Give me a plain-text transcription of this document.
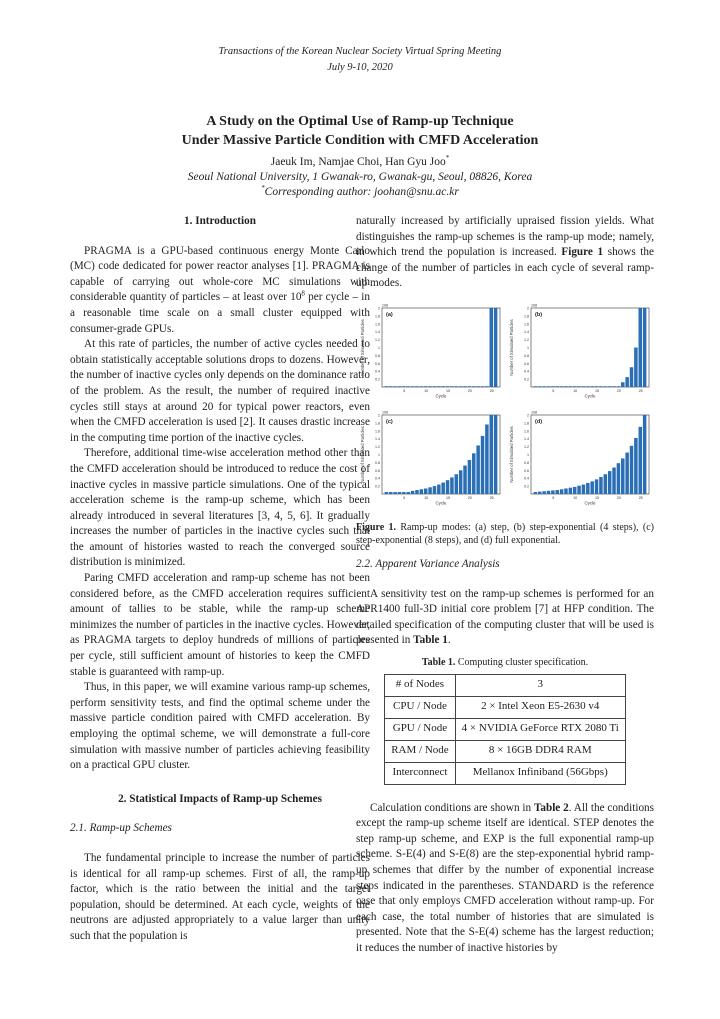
Transactions of the Korean Nuclear Society Virtual Spring Meeting
July 9-10, 2020
A Study on the Optimal Use of Ramp-up Technique
Under Massive Particle Condition with CMFD Acceleration
Jaeuk Im, Namjae Choi, Han Gyu Joo*
Seoul National University, 1 Gwanak-ro, Gwanak-gu, Seoul, 08826, Korea
*Corresponding author: joohan@snu.ac.kr
1. Introduction

PRAGMA is a GPU-based continuous energy Monte Carlo (MC) code dedicated for power reactor analyses [1]. PRAGMA is capable of carrying out whole-core MC simulations with considerable quantity of particles – at least over $10^8$ per cycle – in a reasonable time scale on a small cluster equipped with consumer-grade GPUs.

At this rate of particles, the number of active cycles needed to obtain statistically acceptable solutions drops to dozens. However, the number of inactive cycles only depends on the dominance ratio of the problem. As the result, the number of required inactive cycles still stays at around 20 for typical power reactors, even when the CMFD acceleration is used [2]. It causes drastic increase in the computing time portion of the inactive cycles.

Therefore, additional time-wise acceleration method other than the CMFD acceleration should be introduced to reduce the cost of inactive cycles in massive particle simulations. One of the typical acceleration scheme is the ramp-up scheme, which has been already introduced in several literatures [3, 4, 5, 6]. It gradually increases the number of particles in the inactive cycles such that the amount of histories wasted to reach the converged source distribution is minimized.

Paring CMFD acceleration and ramp-up scheme has not been considered before, as the CMFD acceleration requires sufficient amount of tallies to be stable, while the ramp-up scheme minimizes the number of particles in the inactive cycles. However, as PRAGMA targets to deploy hundreds of millions of particles per cycle, still sufficient amount of histories to keep the CMFD stable is guaranteed with ramp-up.

Thus, in this paper, we will examine various ramp-up schemes, perform sensitivity tests, and find the optimal scheme under the massive particle condition paired with CMFD acceleration. By employing the optimal scheme, we will demonstrate a full-core simulation with massive number of particles achieving feasibility on a practical GPU cluster.

2. Statistical Impacts of Ramp-up Schemes
2.1. Ramp-up Schemes

The fundamental principle to increase the number of particles is identical for all ramp-up schemes. First of all, the ramp-up factor, which is the ratio between the initial and the target population, should be determined. At each cycle, weights of the neutrons are adjusted appropriately to a value larger than unity such that the population is

naturally increased by artificially upraised fission yields. What distinguishes the ramp-up schemes is the ramp-up mode; namely, in which trend the population is increased. Figure 1 shows the change of the number of particles in each cycle of several ramp-up modes.

2
1.8
1.6
1.4
1.2
1
0.8
0.6
0.4
0.2
108
5	10	15	20	25
Cycle
Number of Simulated Particles
(a)
2
1.8
1.6
1.4
1.2
1
0.8
0.6
0.4
0.2
108
5	10	15	20	25
Cycle
Number of Simulated Particles
(b)
2
1.8
1.6
1.4
1.2
1
0.8
0.6
0.4
0.2
108
5	10	15	20	25
Cycle
Number of Simulated Particles
(c)
2
1.8
1.6
1.4
1.2
1
0.8
0.6
0.4
0.2
108
5	10	15	20	25
Cycle
Number of Simulated Particles
(d)
Figure 1. Ramp-up modes: (a) step, (b) step-exponential (4 steps), (c) step-exponential (8 steps), and (d) full exponential.
2.2. Apparent Variance Analysis

A sensitivity test on the ramp-up schemes is performed for an APR1400 full-3D initial core problem [7] at HFP condition. The detailed specification of the computing cluster that will be used is presented in Table 1.

Table 1. Computing cluster specification.
# of Nodes	3
CPU / Node	2 × Intel Xeon E5-2630 v4
GPU / Node	4 × NVIDIA GeForce RTX 2080 Ti
RAM / Node	8 × 16GB DDR4 RAM
Interconnect	Mellanox Infiniband (56Gbps)

Calculation conditions are shown in Table 2. All the conditions except the ramp-up scheme itself are identical. STEP denotes the step ramp-up scheme, and EXP is the full exponential ramp-up scheme. S-E(4) and S-E(8) are the step-exponential hybrid ramp-up schemes that differ by the number of exponential increase steps indicated in the parentheses. STANDARD is the reference case that only employs CMFD acceleration without ramp-up. For each case, the total number of histories that are simulated is presented. Note that the S-E(4) scheme has the largest reduction; it reduces the number of inactive histories by
